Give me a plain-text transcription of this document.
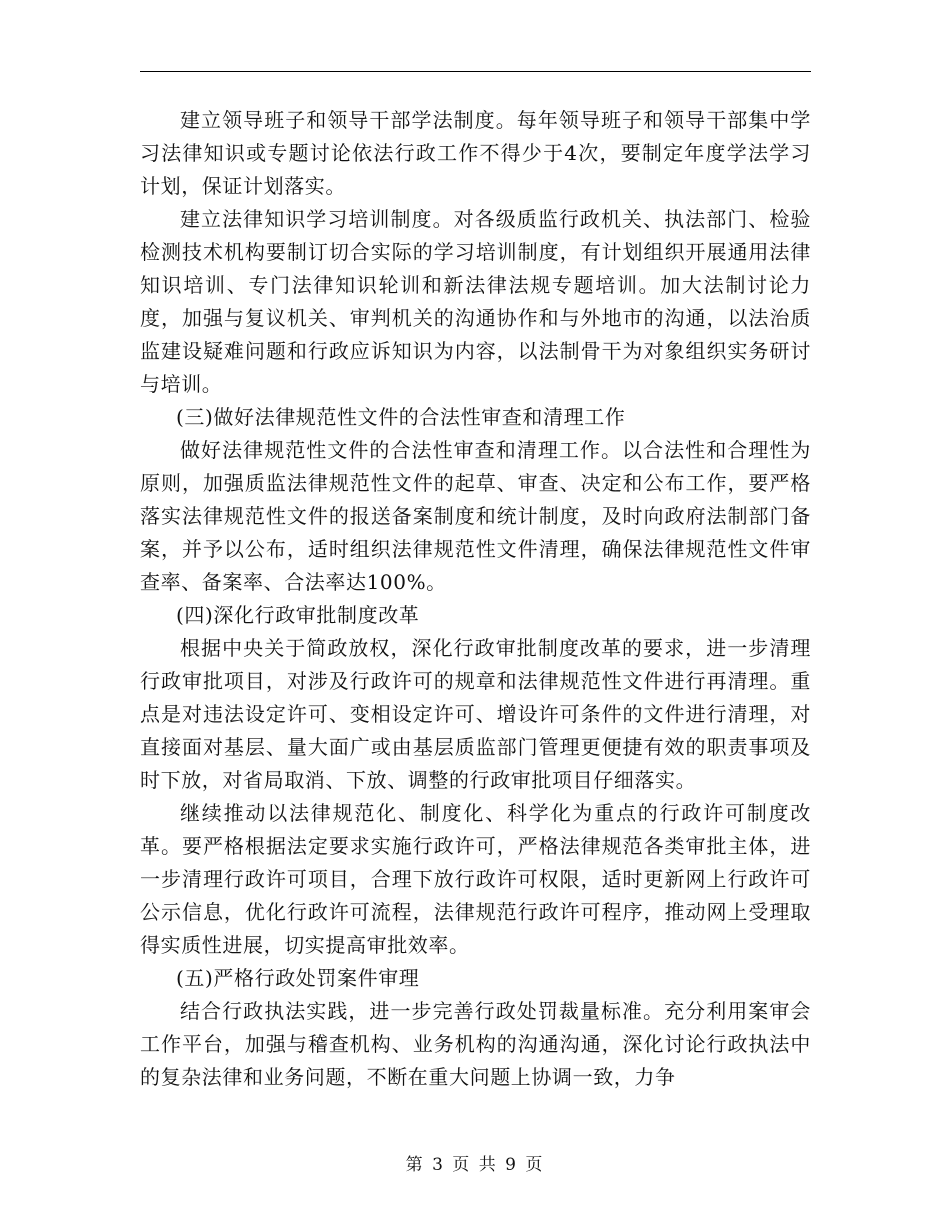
建立领导班子和领导干部学法制度。每年领导班子和领导干部集中学习法律知识或专题讨论依法行政工作不得少于4次，要制定年度学法学习计划，保证计划落实。

建立法律知识学习培训制度。对各级质监行政机关、执法部门、检验检测技术机构要制订切合实际的学习培训制度，有计划组织开展通用法律知识培训、专门法律知识轮训和新法律法规专题培训。加大法制讨论力度，加强与复议机关、审判机关的沟通协作和与外地市的沟通，以法治质监建设疑难问题和行政应诉知识为内容，以法制骨干为对象组织实务研讨与培训。

(三)做好法律规范性文件的合法性审查和清理工作

做好法律规范性文件的合法性审查和清理工作。以合法性和合理性为原则，加强质监法律规范性文件的起草、审查、决定和公布工作，要严格落实法律规范性文件的报送备案制度和统计制度，及时向政府法制部门备案，并予以公布，适时组织法律规范性文件清理，确保法律规范性文件审查率、备案率、合法率达100%。

(四)深化行政审批制度改革

根据中央关于简政放权，深化行政审批制度改革的要求，进一步清理行政审批项目，对涉及行政许可的规章和法律规范性文件进行再清理。重点是对违法设定许可、变相设定许可、增设许可条件的文件进行清理，对直接面对基层、量大面广或由基层质监部门管理更便捷有效的职责事项及时下放，对省局取消、下放、调整的行政审批项目仔细落实。

继续推动以法律规范化、制度化、科学化为重点的行政许可制度改革。要严格根据法定要求实施行政许可，严格法律规范各类审批主体，进一步清理行政许可项目，合理下放行政许可权限，适时更新网上行政许可公示信息，优化行政许可流程，法律规范行政许可程序，推动网上受理取得实质性进展，切实提高审批效率。

(五)严格行政处罚案件审理

结合行政执法实践，进一步完善行政处罚裁量标准。充分利用案审会工作平台，加强与稽查机构、业务机构的沟通沟通，深化讨论行政执法中的复杂法律和业务问题，不断在重大问题上协调一致，力争

第 3 页 共 9 页
